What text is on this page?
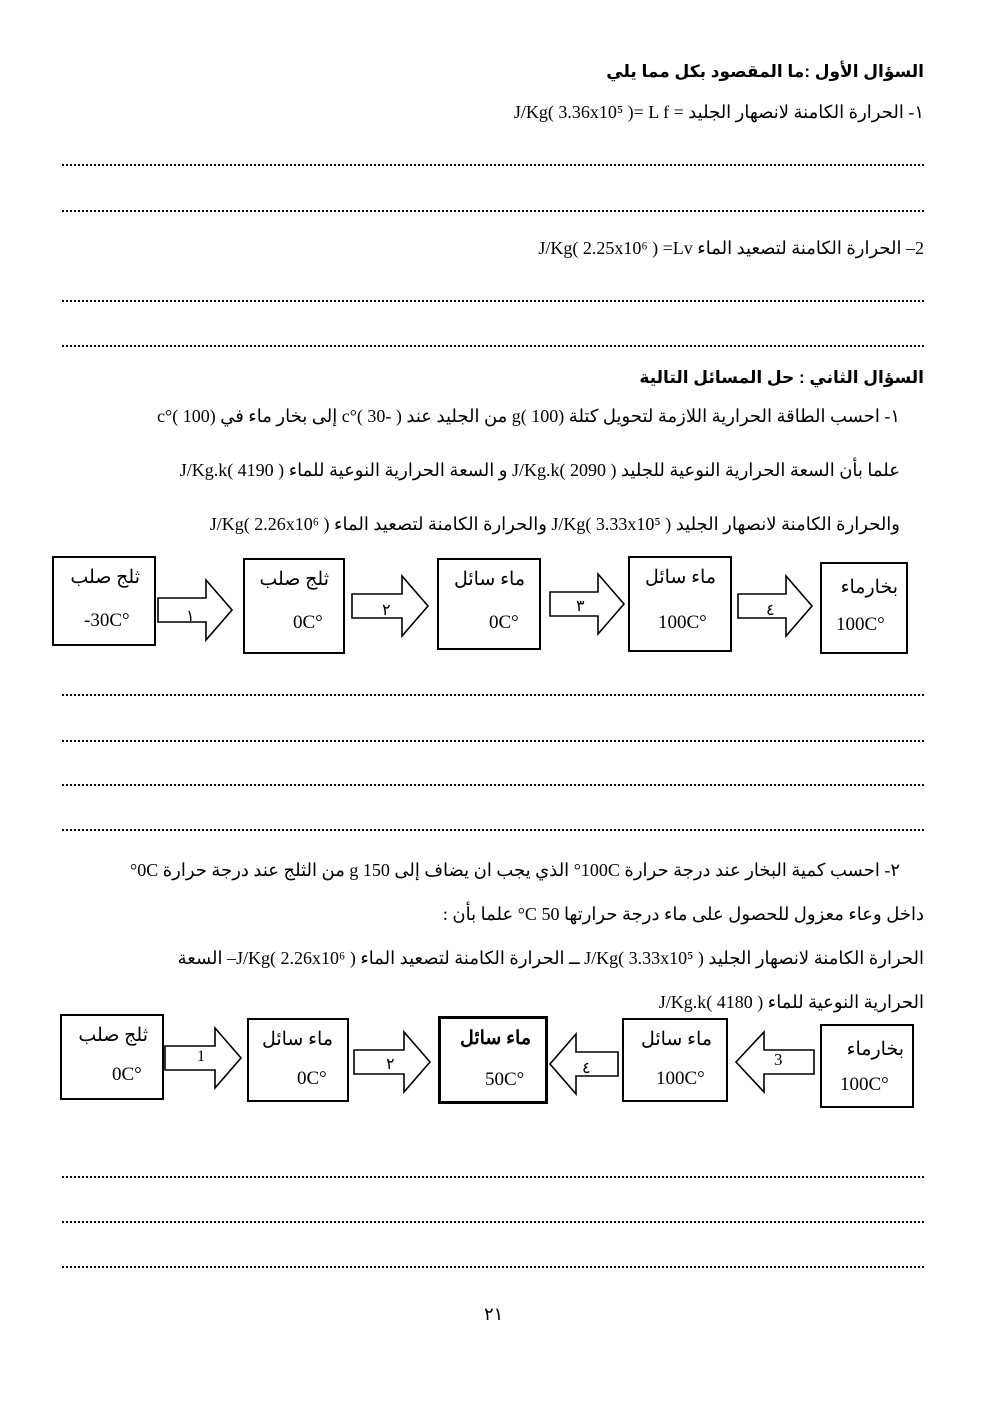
السؤال الأول :ما المقصود بكل مما يلي
١- الحرارة الكامنة لانصهار الجليد = J/Kg( 3.36x10⁵ )= L f
2– الحرارة الكامنة لتصعيد الماء J/Kg( 2.25x10⁶ ) =Lv
السؤال الثاني : حل المسائل التالية
١- احسب الطاقة الحرارية اللازمة لتحويل كتلة g( 100) من الجليد عند c°( 30- ) إلى بخار ماء في c°( 100)
علما بأن السعة الحرارية النوعية للجليد J/Kg.k( 2090 ) و السعة الحرارية النوعية للماء J/Kg.k( 4190 )
والحرارة الكامنة لانصهار الجليد J/Kg( 3.33x10⁵ ) والحرارة الكامنة لتصعيد الماء J/Kg( 2.26x10⁶ )
ثلج صلب
-30C°
ثلج صلب
0C°
ماء سائل
0C°
ماء سائل
100C°
بخارماء
100C°
١	٢	٣	٤
٢- احسب كمية البخار عند درجة حرارة 100C° الذي يجب ان يضاف إلى g 150 من الثلج عند درجة حرارة 0C°
داخل وعاء معزول للحصول على ماء درجة حرارتها 50 C° علما بأن :
الحرارة الكامنة لانصهار الجليد J/Kg( 3.33x10⁵ ) ــ الحرارة الكامنة لتصعيد الماء J/Kg( 2.26x10⁶ )– السعة
الحرارية النوعية للماء J/Kg.k( 4180 )
ثلج صلب
0C°
ماء سائل
0C°
ماء سائل
50C°
ماء سائل
100C°
بخارماء
100C°
1	٢	٤	3
٢١
